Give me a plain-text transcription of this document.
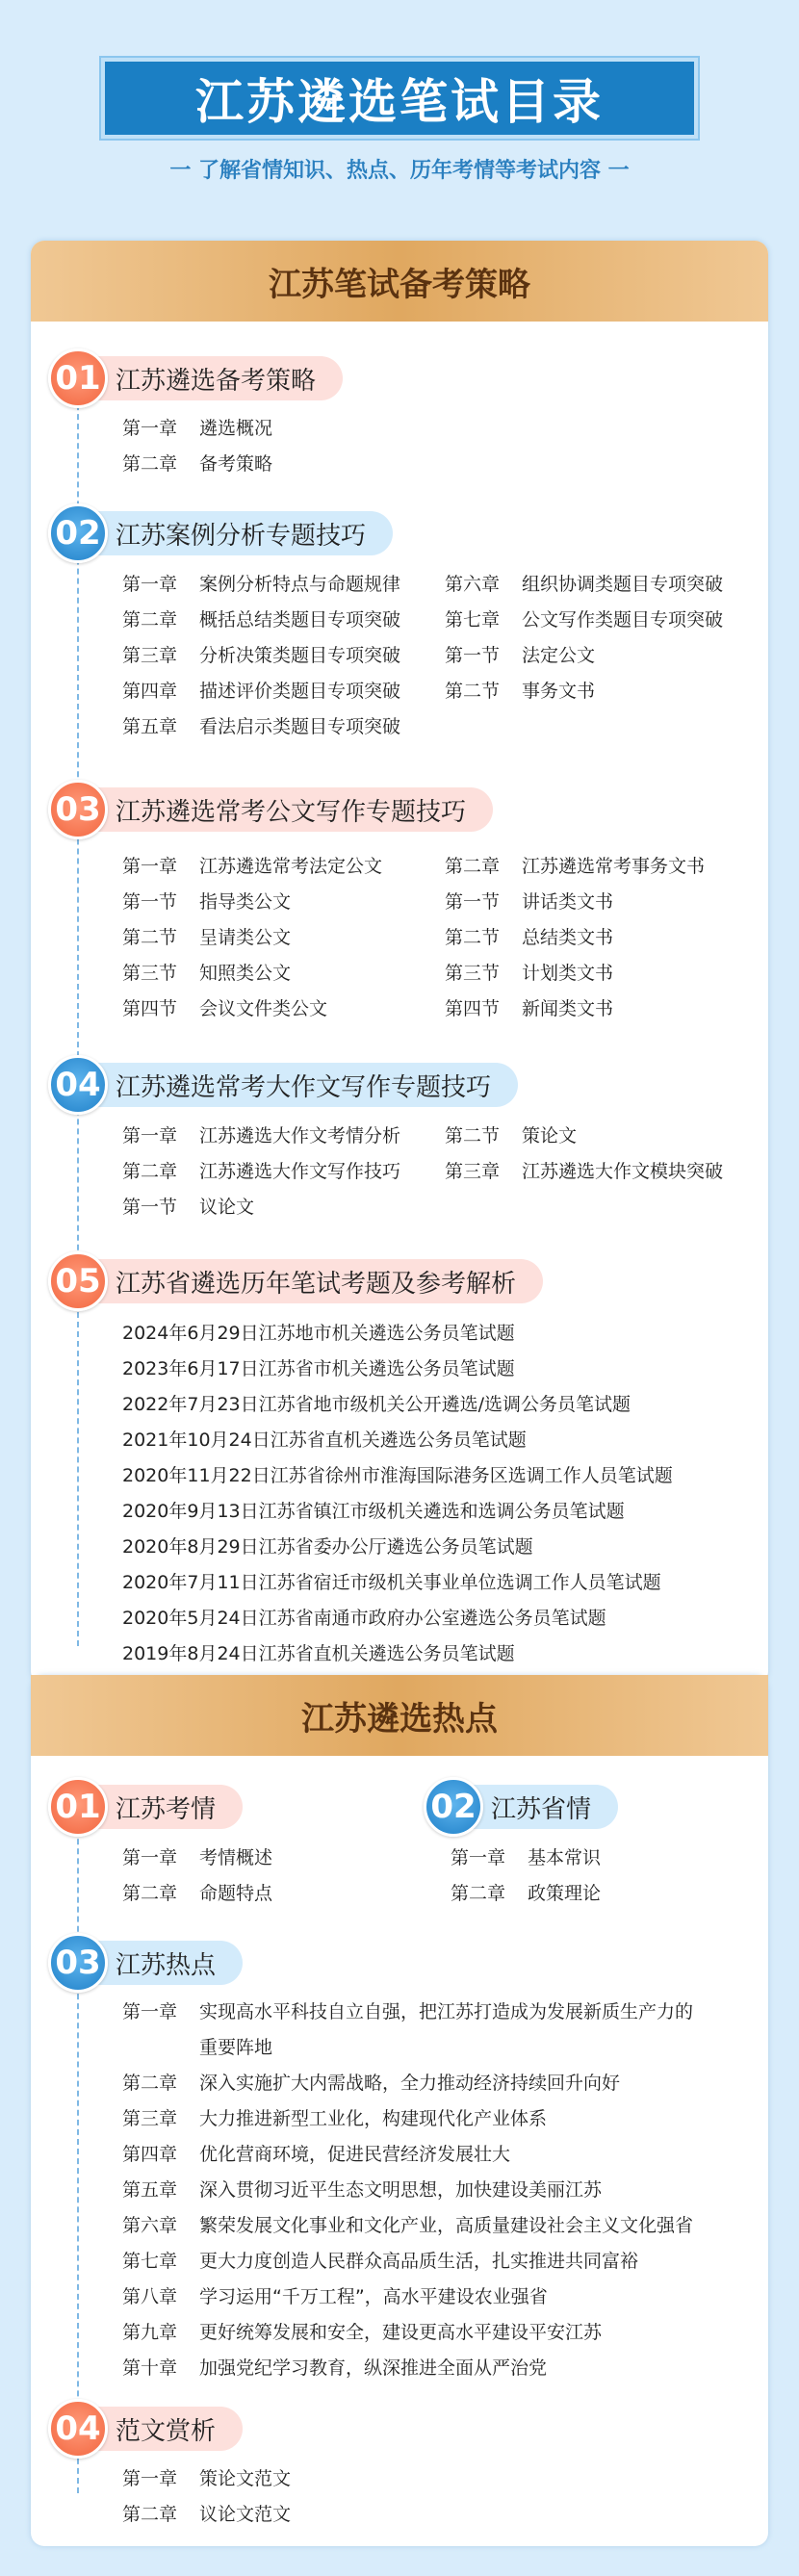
江苏遴选笔试目录
一 了解省情知识、热点、历年考情等考试内容 一
江苏笔试备考策略
01 江苏遴选备考策略
第一章 遴选概况
第二章 备考策略
02 江苏案例分析专题技巧
第一章 案例分析特点与命题规律
第二章 概括总结类题目专项突破
第三章 分析决策类题目专项突破
第四章 描述评价类题目专项突破
第五章 看法启示类题目专项突破
第六章 组织协调类题目专项突破
第七章 公文写作类题目专项突破
第一节 法定公文
第二节 事务文书
03 江苏遴选常考公文写作专题技巧
第一章 江苏遴选常考法定公文
第一节 指导类公文
第二节 呈请类公文
第三节 知照类公文
第四节 会议文件类公文
第二章 江苏遴选常考事务文书
第一节 讲话类文书
第二节 总结类文书
第三节 计划类文书
第四节 新闻类文书
04 江苏遴选常考大作文写作专题技巧
第一章 江苏遴选大作文考情分析
第二章 江苏遴选大作文写作技巧
第一节 议论文
第二节 策论文
第三章 江苏遴选大作文模块突破
05 江苏省遴选历年笔试考题及参考解析
2024年6月29日江苏地市机关遴选公务员笔试题
2023年6月17日江苏省市机关遴选公务员笔试题
2022年7月23日江苏省地市级机关公开遴选/选调公务员笔试题
2021年10月24日江苏省直机关遴选公务员笔试题
2020年11月22日江苏省徐州市淮海国际港务区选调工作人员笔试题
2020年9月13日江苏省镇江市级机关遴选和选调公务员笔试题
2020年8月29日江苏省委办公厅遴选公务员笔试题
2020年7月11日江苏省宿迁市级机关事业单位选调工作人员笔试题
2020年5月24日江苏省南通市政府办公室遴选公务员笔试题
2019年8月24日江苏省直机关遴选公务员笔试题
江苏遴选热点
01 江苏考情
第一章 考情概述
第二章 命题特点
02 江苏省情
第一章 基本常识
第二章 政策理论
03 江苏热点
第一章 实现高水平科技自立自强，把江苏打造成为发展新质生产力的
重要阵地
第二章 深入实施扩大内需战略，全力推动经济持续回升向好
第三章 大力推进新型工业化，构建现代化产业体系
第四章 优化营商环境，促进民营经济发展壮大
第五章 深入贯彻习近平生态文明思想，加快建设美丽江苏
第六章 繁荣发展文化事业和文化产业，高质量建设社会主义文化强省
第七章 更大力度创造人民群众高品质生活，扎实推进共同富裕
第八章 学习运用“千万工程”，高水平建设农业强省
第九章 更好统筹发展和安全，建设更高水平建设平安江苏
第十章 加强党纪学习教育，纵深推进全面从严治党
04 范文赏析
第一章 策论文范文
第二章 议论文范文
